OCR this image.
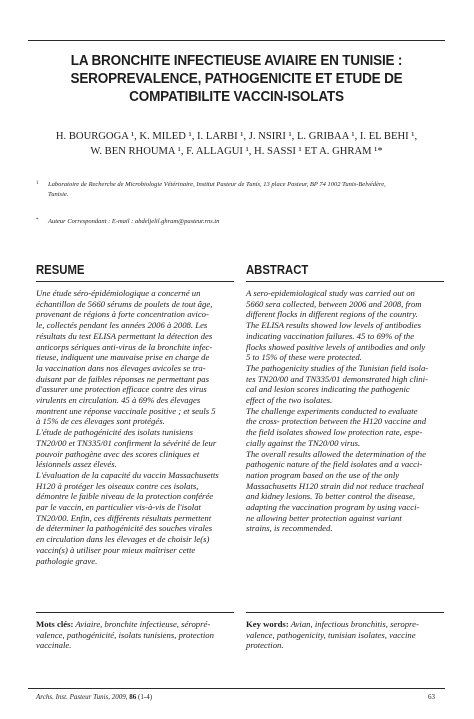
LA BRONCHITE INFECTIEUSE AVIAIRE EN TUNISIE :
SEROPREVALENCE, PATHOGENICITE ET ETUDE DE
COMPATIBILITE VACCIN-ISOLATS

H. BOURGOGA ¹, K. MILED ¹, I. LARBI ¹, J. NSIRI ¹, L. GRIBAA ¹, I. EL BEHI ¹,
W. BEN RHOUMA ¹, F. ALLAGUI ¹, H. SASSI ¹ ET A. GHRAM ¹*

1 Laboratoire de Recherche de Microbiologie Vétérinaire, Institut Pasteur de Tunis, 13 place Pasteur, BP 74 1002 Tunis-Belvédère,
Tunisie.
* Auteur Correspondant : E-mail : abdeljelil.ghram@pasteur.rns.tn
RESUME
Une étude séro-épidémiologique a concerné un
échantillon de 5660 sérums de poulets de tout âge,
provenant de régions à forte concentration avico-
le, collectés pendant les années 2006 à 2008. Les
résultats du test ELISA permettant la détection des
anticorps sériques anti-virus de la bronchite infec-
tieuse, indiquent une mauvaise prise en charge de
la vaccination dans nos élevages avicoles se tra-
duisant par de faibles réponses ne permettant pas
d'assurer une protection efficace contre des virus
virulents en circulation. 45 à 69% des élevages
montrent une réponse vaccinale positive ; et seuls 5
à 15% de ces élevages sont protégés.
L'étude de pathogénicité des isolats tunisiens
TN20/00 et TN335/01 confirment la sévérité de leur
pouvoir pathogène avec des scores cliniques et
lésionnels assez élevés.
L'évaluation de la capacité du vaccin Massachusetts
H120 à protéger les oiseaux contre ces isolats,
démontre le faible niveau de la protection conférée
par le vaccin, en particulier vis-à-vis de l'isolat
TN20/00. Enfin, ces différents résultats permettent
de déterminer la pathogénicité des souches virales
en circulation dans les élevages et de choisir le(s)
vaccin(s) à utiliser pour mieux maîtriser cette
pathologie grave.
ABSTRACT
A sero-epidemiological study was carried out on
5660 sera collected, between 2006 and 2008, from
different flocks in different regions of the country.
The ELISA results showed low levels of antibodies
indicating vaccination failures. 45 to 69% of the
flocks showed positive levels of antibodies and only
5 to 15% of these were protected.
The pathogenicity studies of the Tunisian field isola-
tes TN20/00 and TN335/01 demonstrated high clini-
cal and lesion scores indicating the pathogenic
effect of the two isolates.
The challenge experiments conducted to evaluate
the cross- protection between the H120 vaccine and
the field isolates showed low protection rate, espe-
cially against the TN20/00 virus.
The overall results allowed the determination of the
pathogenic nature of the field isolates and a vacci-
nation program based on the use of the only
Massachusetts H120 strain did not reduce tracheal
and kidney lesions. To better control the disease,
adapting the vaccination program by using vacci-
ne allowing better protection against variant
strains, is recommended.
Mots clés: Aviaire, bronchite infectieuse, séropré-
valence, pathogénicité, isolats tunisiens, protection
vaccinale.
Key words: Avian, infectious bronchitis, seropre-
valence, pathogenicity, tunisian isolates, vaccine
protection.
Archs. Inst. Pasteur Tunis, 2009, 86 (1-4)	63
